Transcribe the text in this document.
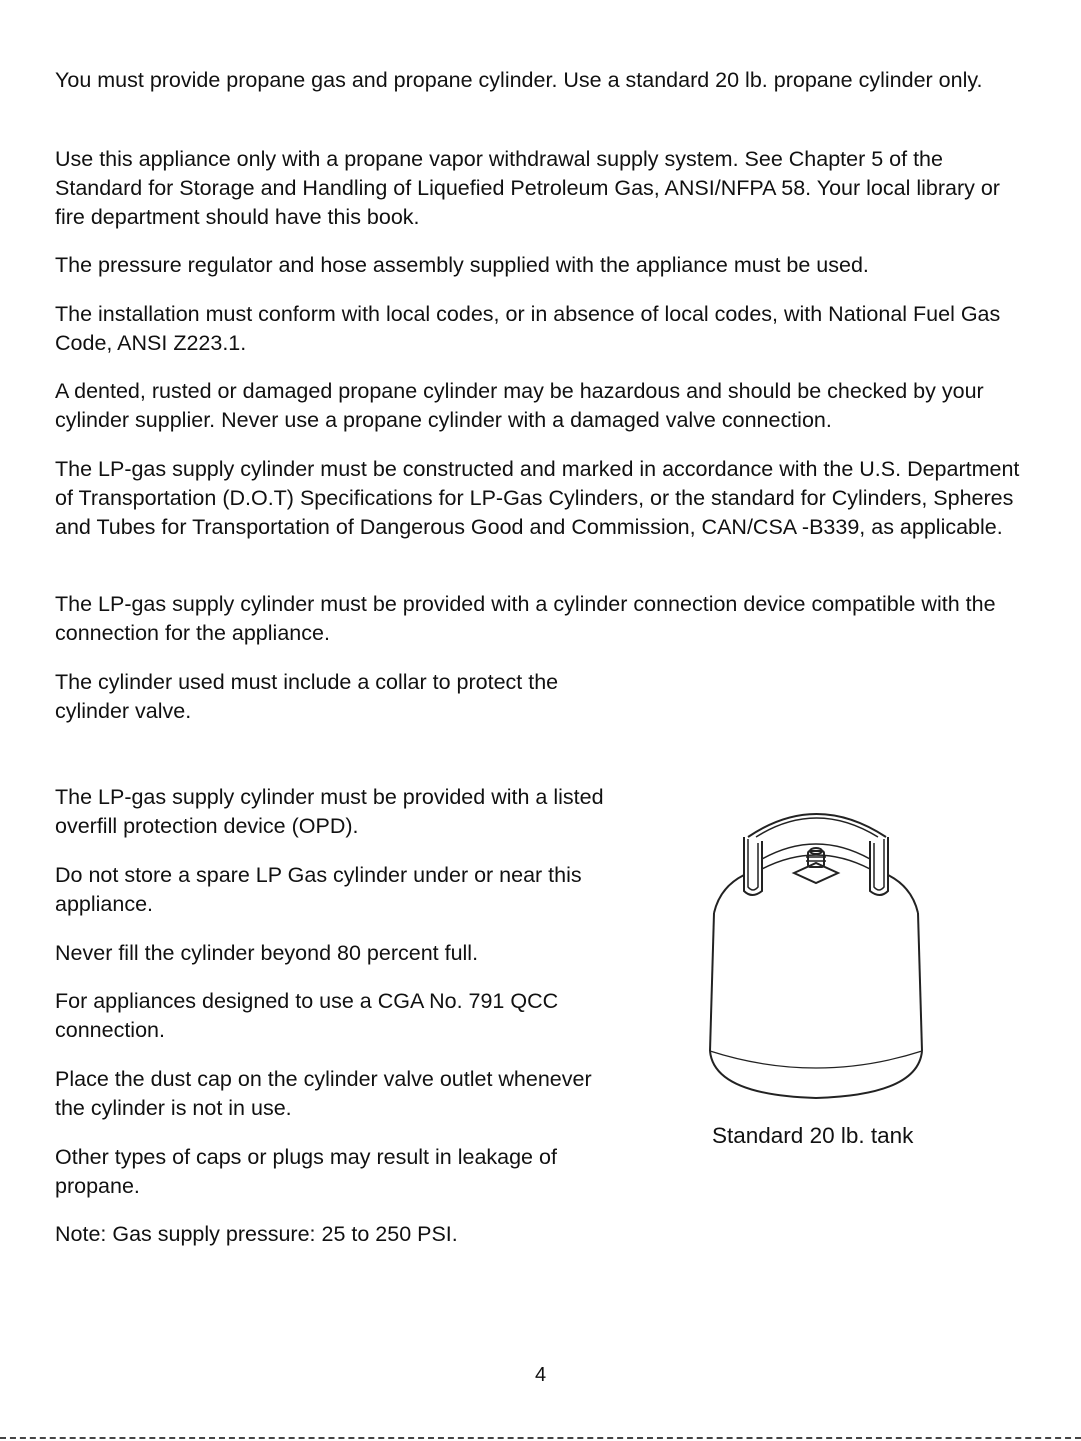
You must provide propane gas and propane cylinder. Use a standard 20 lb. propane cylinder only.

Use this appliance only with a propane vapor withdrawal supply system. See Chapter 5 of the Standard for Storage and Handling of Liquefied Petroleum Gas, ANSI/NFPA 58. Your local library or fire department should have this book.

The pressure regulator and hose assembly supplied with the appliance must be used.

The installation must conform with local codes, or in absence of local codes, with National Fuel Gas Code, ANSI Z223.1.

A dented, rusted or damaged propane cylinder may be hazardous and should be checked by your cylinder supplier. Never use a propane cylinder with a damaged valve connection.

The LP-gas supply cylinder must be constructed and marked in accordance with the U.S. Department of Transportation (D.O.T) Specifications for LP-Gas Cylinders, or the standard for Cylinders, Spheres and Tubes for Transportation of Dangerous Good and Commission, CAN/CSA -B339, as applicable.

The LP-gas supply cylinder must be provided with a cylinder connection device compatible with the connection for the appliance.

The cylinder used must include a collar to protect the cylinder valve.

The LP-gas supply cylinder must be provided with a listed overfill protection device (OPD).

Do not store a spare LP Gas cylinder under or near this appliance.

Never fill the cylinder beyond 80 percent full.

For appliances designed to use a CGA No. 791 QCC connection.

Place the dust cap on the cylinder valve outlet whenever the cylinder is not in use.

Other types of caps or plugs may result in leakage of propane.

Note: Gas supply pressure: 25 to 250 PSI.

Standard 20 lb. tank

4
